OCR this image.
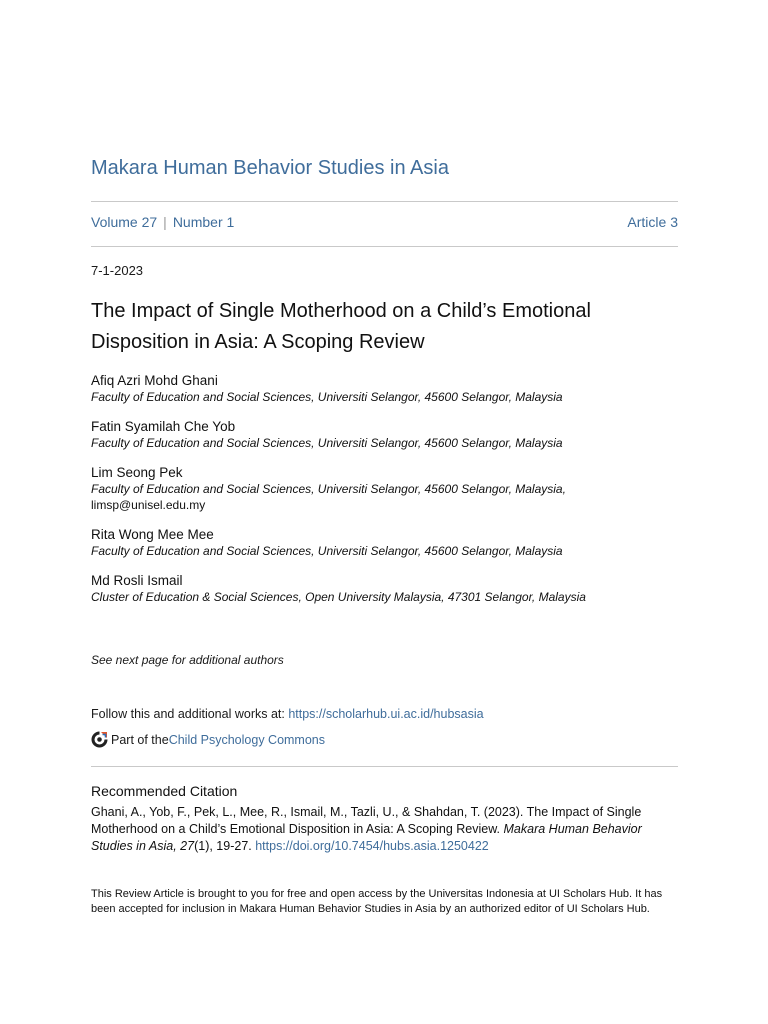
Makara Human Behavior Studies in Asia
Volume 27 | Number 1	Article 3
7-1-2023
The Impact of Single Motherhood on a Child’s Emotional Disposition in Asia: A Scoping Review
Afiq Azri Mohd Ghani
Faculty of Education and Social Sciences, Universiti Selangor, 45600 Selangor, Malaysia
Fatin Syamilah Che Yob
Faculty of Education and Social Sciences, Universiti Selangor, 45600 Selangor, Malaysia
Lim Seong Pek
Faculty of Education and Social Sciences, Universiti Selangor, 45600 Selangor, Malaysia,
limsp@unisel.edu.my
Rita Wong Mee Mee
Faculty of Education and Social Sciences, Universiti Selangor, 45600 Selangor, Malaysia
Md Rosli Ismail
Cluster of Education & Social Sciences, Open University Malaysia, 47301 Selangor, Malaysia
See next page for additional authors
Follow this and additional works at: https://scholarhub.ui.ac.id/hubsasia
Part of the Child Psychology Commons
Recommended Citation
Ghani, A., Yob, F., Pek, L., Mee, R., Ismail, M., Tazli, U., & Shahdan, T. (2023). The Impact of Single Motherhood on a Child’s Emotional Disposition in Asia: A Scoping Review. Makara Human Behavior Studies in Asia, 27(1), 19-27. https://doi.org/10.7454/hubs.asia.1250422
This Review Article is brought to you for free and open access by the Universitas Indonesia at UI Scholars Hub. It has been accepted for inclusion in Makara Human Behavior Studies in Asia by an authorized editor of UI Scholars Hub.
